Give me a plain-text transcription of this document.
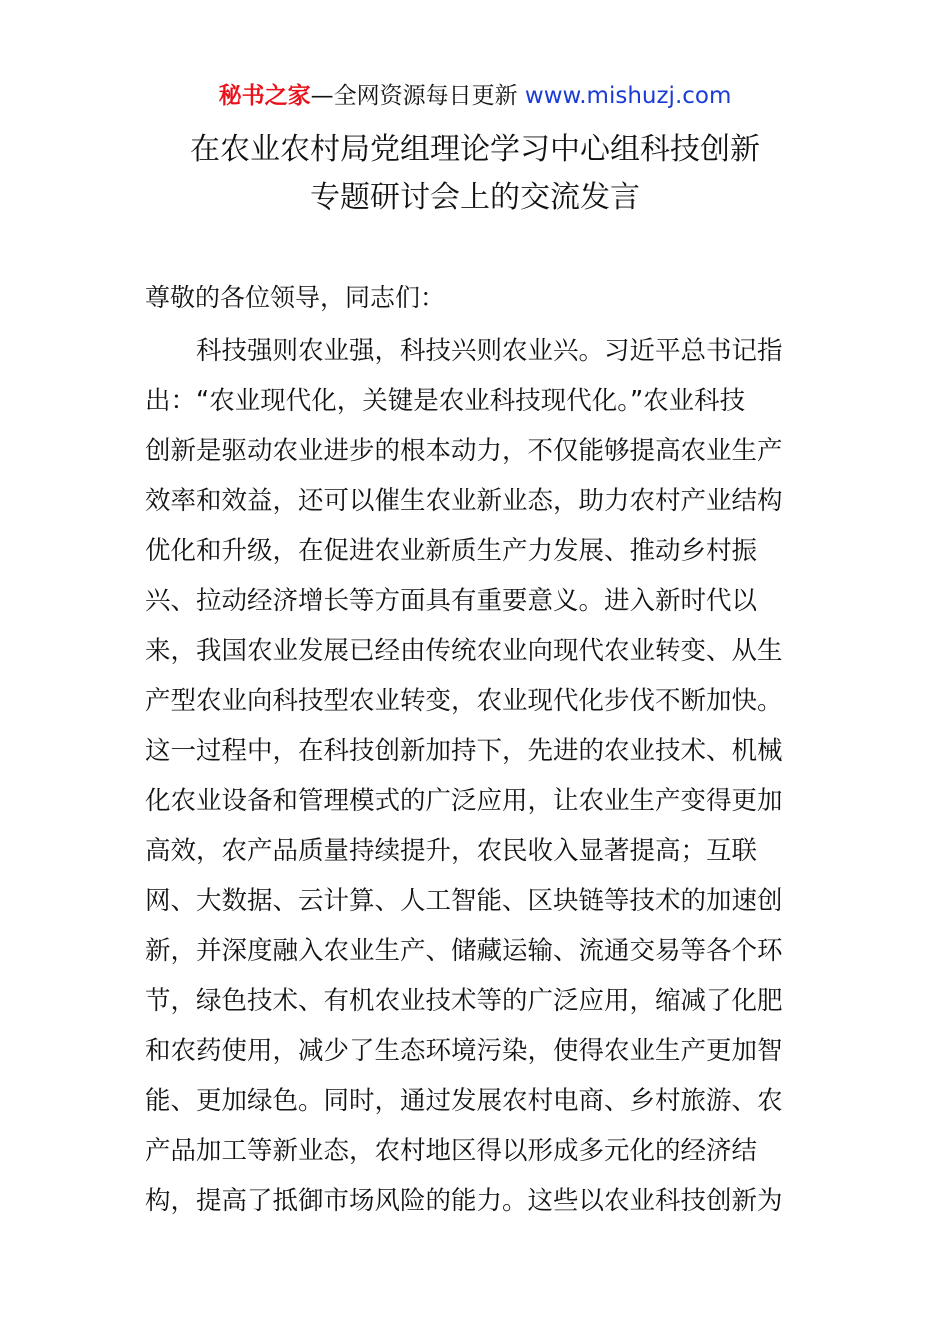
秘书之家—全网资源每日更新 www.mishuzj.com
在农业农村局党组理论学习中心组科技创新
专题研讨会上的交流发言
尊敬的各位领导，同志们：
科技强则农业强，科技兴则农业兴。习近平总书记指
出：“农业现代化，关键是农业科技现代化。”农业科技
创新是驱动农业进步的根本动力，不仅能够提高农业生产
效率和效益，还可以催生农业新业态，助力农村产业结构
优化和升级，在促进农业新质生产力发展、推动乡村振
兴、拉动经济增长等方面具有重要意义。进入新时代以
来，我国农业发展已经由传统农业向现代农业转变、从生
产型农业向科技型农业转变，农业现代化步伐不断加快。
这一过程中，在科技创新加持下，先进的农业技术、机械
化农业设备和管理模式的广泛应用，让农业生产变得更加
高效，农产品质量持续提升，农民收入显著提高；互联
网、大数据、云计算、人工智能、区块链等技术的加速创
新，并深度融入农业生产、储藏运输、流通交易等各个环
节，绿色技术、有机农业技术等的广泛应用，缩减了化肥
和农药使用，减少了生态环境污染，使得农业生产更加智
能、更加绿色。同时，通过发展农村电商、乡村旅游、农
产品加工等新业态，农村地区得以形成多元化的经济结
构，提高了抵御市场风险的能力。这些以农业科技创新为
